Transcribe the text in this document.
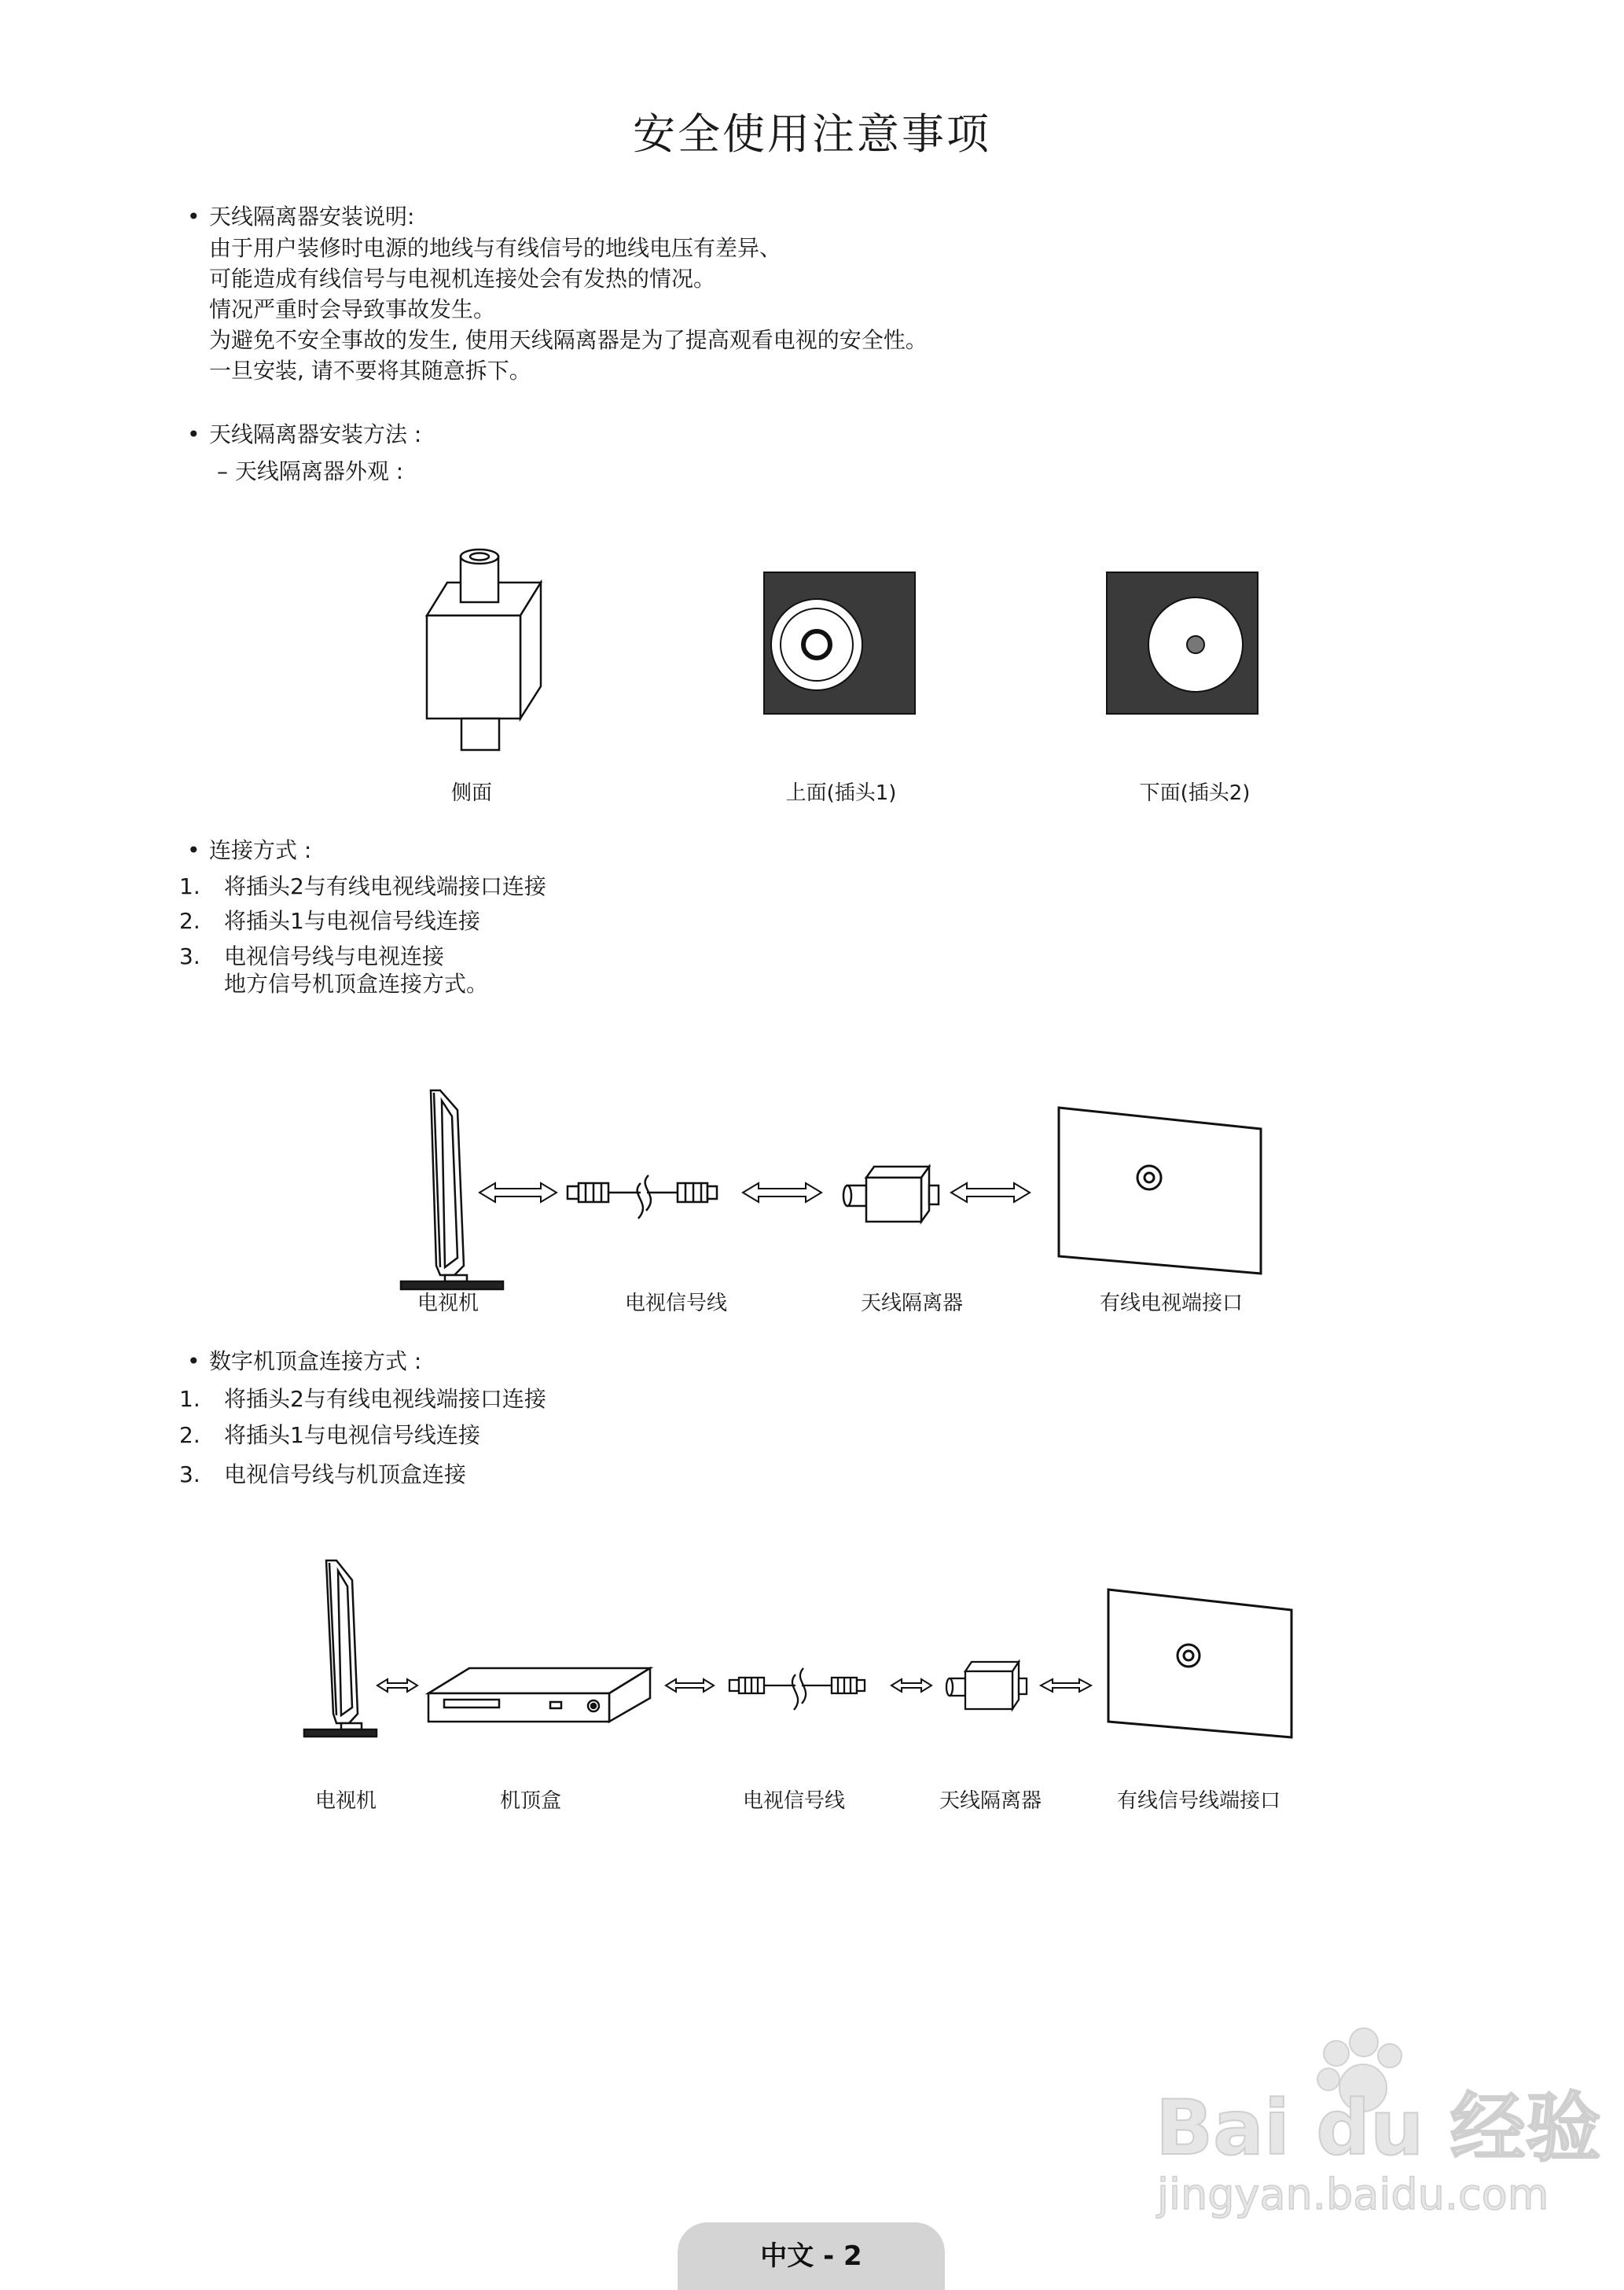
安全使用注意事项
• 天线隔离器安装说明:
由于用户装修时电源的地线与有线信号的地线电压有差异、
可能造成有线信号与电视机连接处会有发热的情况。
情况严重时会导致事故发生。
为避免不安全事故的发生, 使用天线隔离器是为了提高观看电视的安全性。
一旦安装, 请不要将其随意拆下。
• 天线隔离器安装方法 :
– 天线隔离器外观 :
侧面	上面(插头1)	下面(插头2)
• 连接方式 :
1. 将插头2与有线电视线端接口连接
2. 将插头1与电视信号线连接
3. 电视信号线与电视连接
地方信号机顶盒连接方式。
电视机	电视信号线	天线隔离器	有线电视端接口
• 数字机顶盒连接方式 :
1. 将插头2与有线电视线端接口连接
2. 将插头1与电视信号线连接
3. 电视信号线与机顶盒连接
电视机	机顶盒	电视信号线	天线隔离器	有线信号线端接口
Bai du 经验
jingyan.baidu.com
中文 - 2
